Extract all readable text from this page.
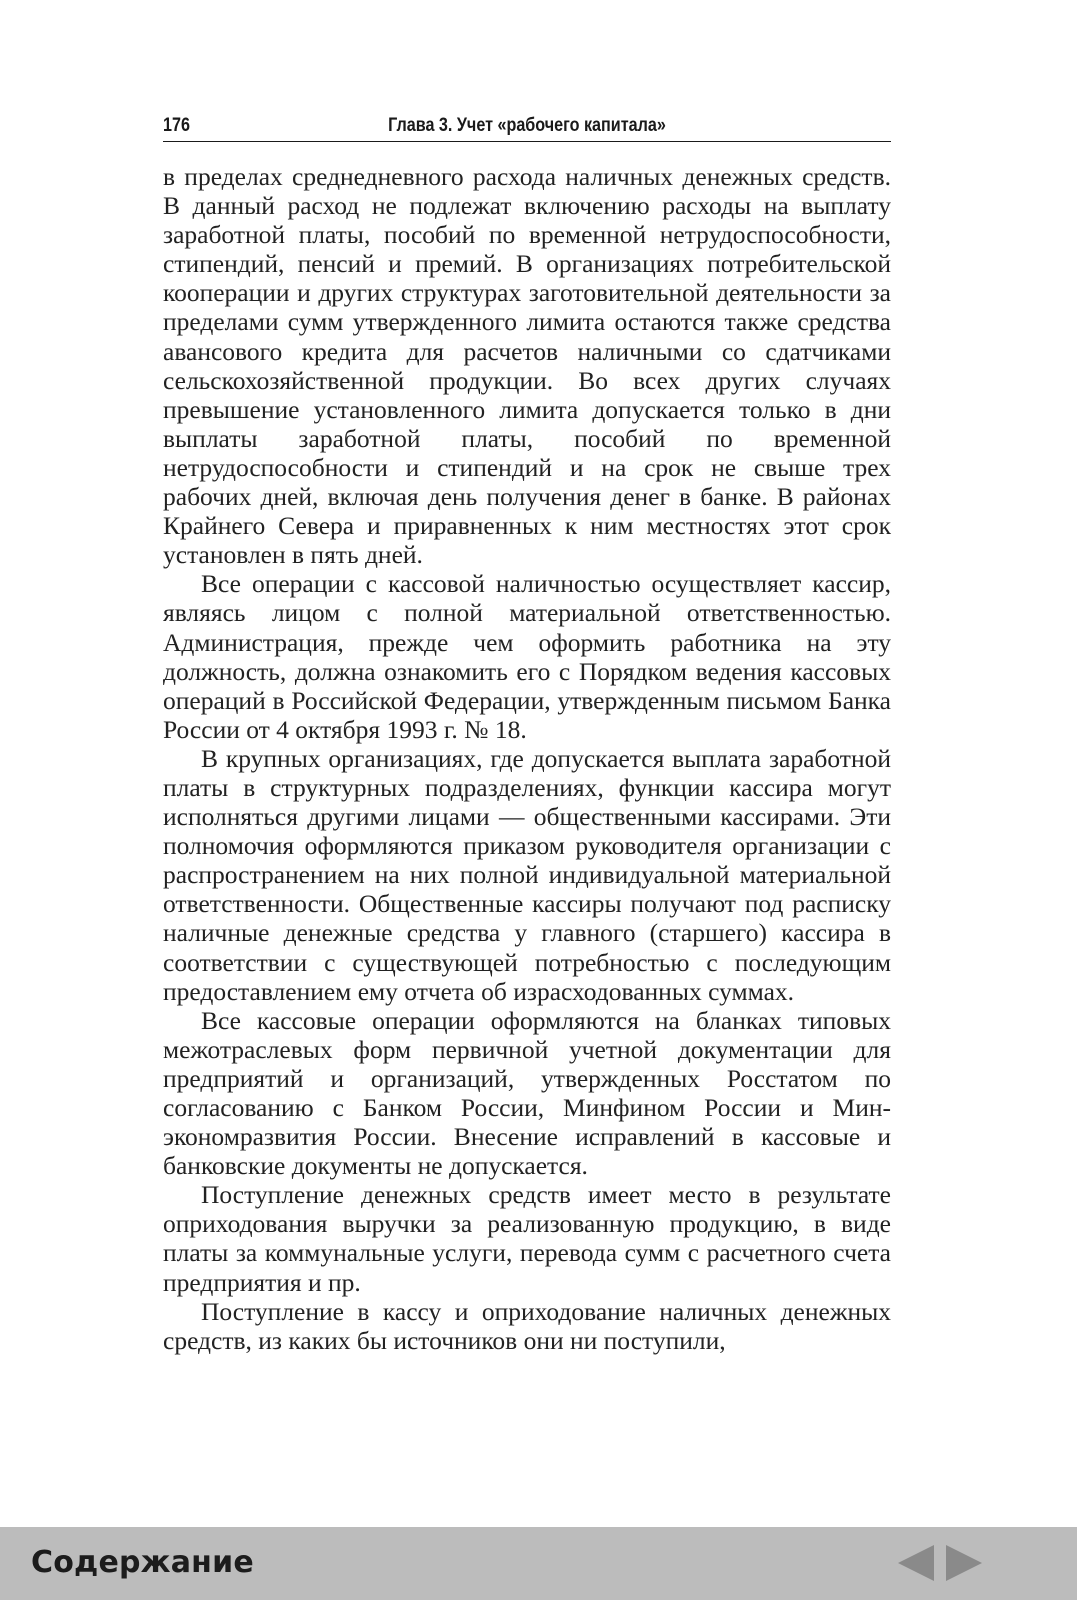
176	Глава 3. Учет «рабочего капитала»

в пределах среднедневного расхода наличных денежных средств. В данный расход не подлежат включению расходы на выплату заработной платы, пособий по временной нетрудоспособности, стипендий, пенсий и премий. В организациях потребительской кооперации и других структурах заготовительной деятельности за пределами сумм утвержденного лимита остаются также средства авансового кредита для расчетов наличными со сдатчиками сельскохозяйственной продукции. Во всех других случаях превышение установленного лимита допускается только в дни выплаты заработной платы, пособий по временной нетрудоспособности и стипендий и на срок не свыше трех рабочих дней, включая день получения денег в банке. В районах Крайнего Севера и приравненных к ним местностях этот срок установлен в пять дней.

Все операции с кассовой наличностью осуществляет кассир, являясь лицом с полной материальной ответственностью. Администрация, прежде чем оформить работника на эту должность, должна ознакомить его с Порядком ведения кассовых операций в Российской Федерации, утвержденным письмом Банка России от 4 октября 1993 г. № 18.

В крупных организациях, где допускается выплата заработной платы в структурных подразделениях, функции кассира могут исполняться другими лицами — общественными кассирами. Эти полномочия оформляются приказом руководителя организации с распространением на них полной индивидуальной материальной ответственности. Общественные кассиры получают под расписку наличные денежные средства у главного (старшего) кассира в соответствии с существующей потребностью с последующим предоставлением ему отчета об израсходованных суммах.

Все кассовые операции оформляются на бланках типовых межотраслевых форм первичной учетной документации для предприятий и организаций, утвержденных Росстатом по согласованию с Банком России, Минфином России и Минэкономразвития России. Внесение исправлений в кассовые и банковские документы не допускается.

Поступление денежных средств имеет место в результате оприходования выручки за реализованную продукцию, в виде платы за коммунальные услуги, перевода сумм с расчетного счета предприятия и пр.

Поступление в кассу и оприходование наличных денежных средств, из каких бы источников они ни поступили,

Содержание
